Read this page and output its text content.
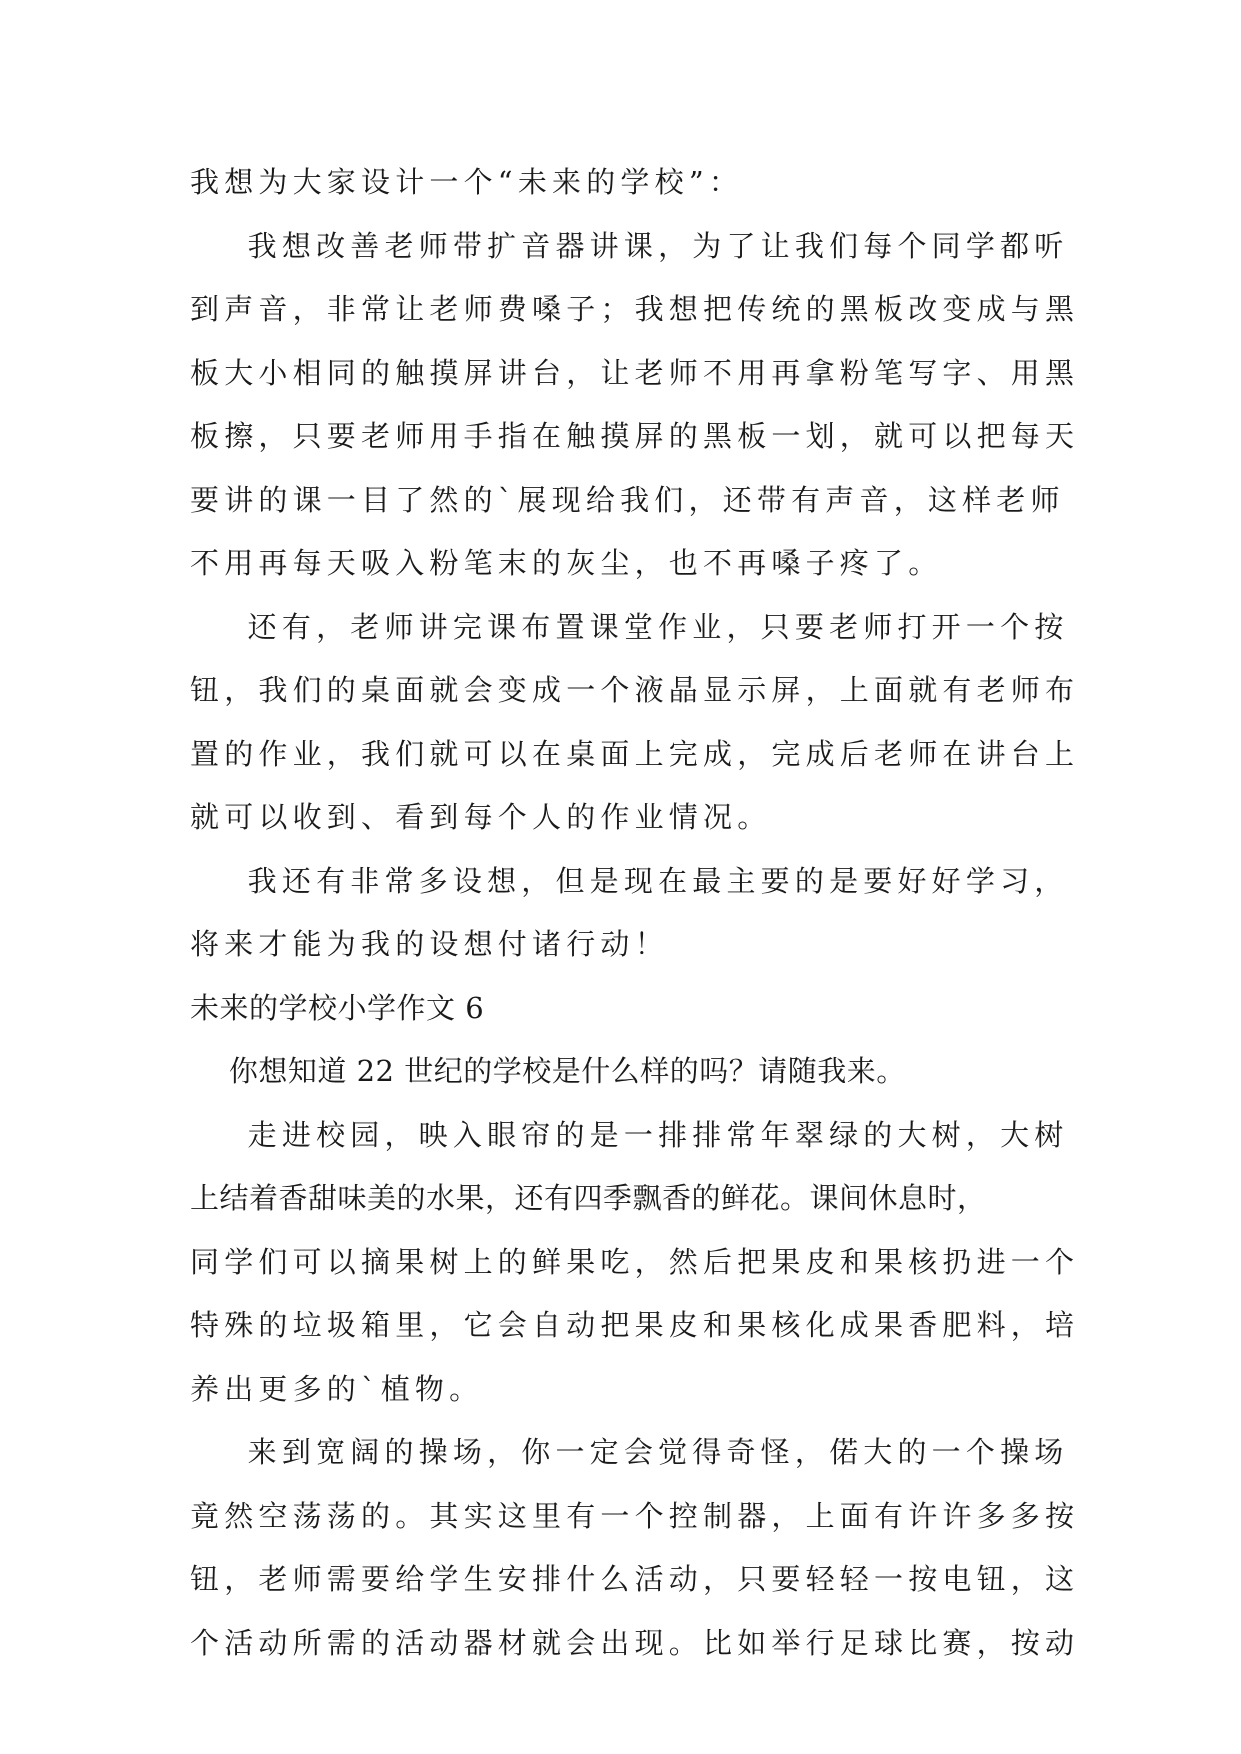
我想为大家设计一个“未来的学校”：
我想改善老师带扩音器讲课，为了让我们每个同学都听
到声音，非常让老师费嗓子；我想把传统的黑板改变成与黑
板大小相同的触摸屏讲台，让老师不用再拿粉笔写字、用黑
板擦，只要老师用手指在触摸屏的黑板一划，就可以把每天
要讲的课一目了然的`展现给我们，还带有声音，这样老师
不用再每天吸入粉笔末的灰尘，也不再嗓子疼了。
还有，老师讲完课布置课堂作业，只要老师打开一个按
钮，我们的桌面就会变成一个液晶显示屏，上面就有老师布
置的作业，我们就可以在桌面上完成，完成后老师在讲台上
就可以收到、看到每个人的作业情况。
我还有非常多设想，但是现在最主要的是要好好学习，
将来才能为我的设想付诸行动！
未来的学校小学作文 6
你想知道 22 世纪的学校是什么样的吗？请随我来。
走进校园，映入眼帘的是一排排常年翠绿的大树，大树
上结着香甜味美的水果，还有四季飘香的鲜花。课间休息时，
同学们可以摘果树上的鲜果吃，然后把果皮和果核扔进一个
特殊的垃圾箱里，它会自动把果皮和果核化成果香肥料，培
养出更多的`植物。
来到宽阔的操场，你一定会觉得奇怪，偌大的一个操场
竟然空荡荡的。其实这里有一个控制器，上面有许许多多按
钮，老师需要给学生安排什么活动，只要轻轻一按电钮，这
个活动所需的活动器材就会出现。比如举行足球比赛，按动
